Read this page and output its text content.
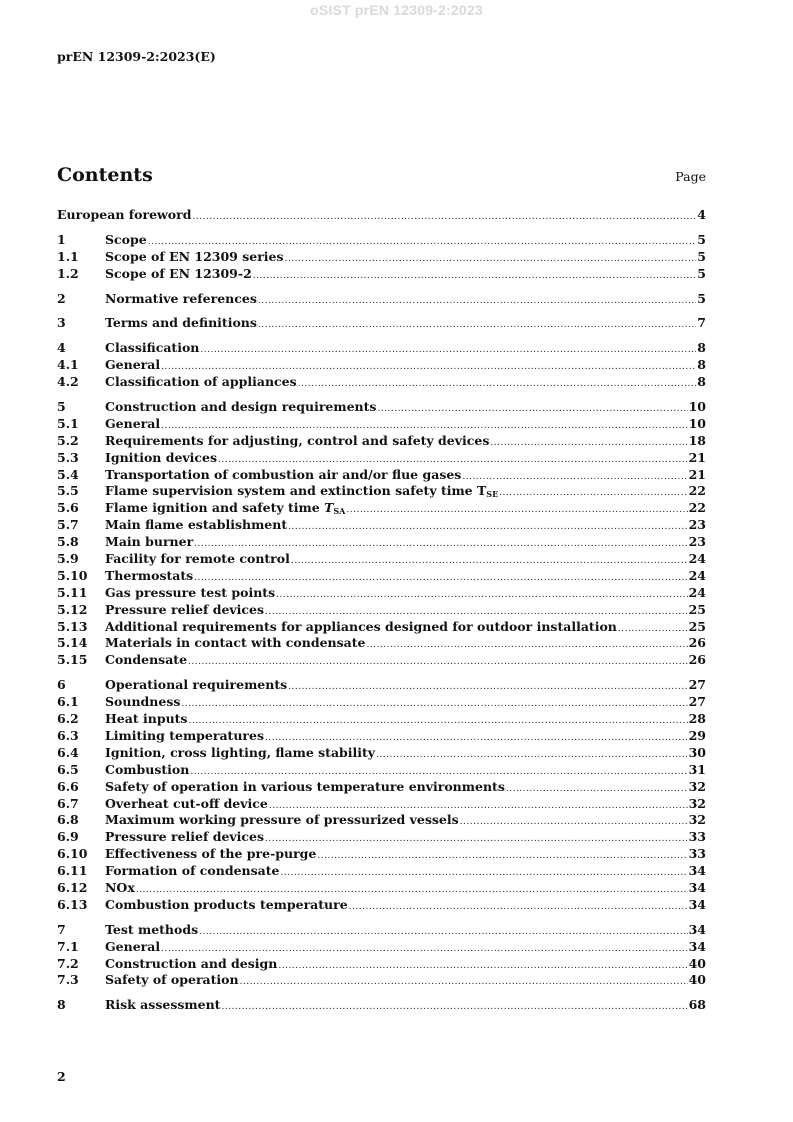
oSIST prEN 12309-2:2023
prEN 12309-2:2023(E)
Contents	Page
European foreword .....	4
1	Scope .....	5
1.1	Scope of EN 12309 series .....	5
1.2	Scope of EN 12309-2 .....	5
2	Normative references .....	5
3	Terms and definitions .....	7
4	Classification .....	8
4.1	General .....	8
4.2	Classification of appliances .....	8
5	Construction and design requirements .....	10
5.1	General .....	10
5.2	Requirements for adjusting, control and safety devices .....	18
5.3	Ignition devices .....	21
5.4	Transportation of combustion air and/or flue gases .....	21
5.5	Flame supervision system and extinction safety time $T_{SE}$ .....	22
5.6	Flame ignition and safety time $T_{SA}$ .....	22
5.7	Main flame establishment .....	23
5.8	Main burner .....	23
5.9	Facility for remote control .....	24
5.10	Thermostats .....	24
5.11	Gas pressure test points .....	24
5.12	Pressure relief devices .....	25
5.13	Additional requirements for appliances designed for outdoor installation .....	25
5.14	Materials in contact with condensate .....	26
5.15	Condensate .....	26
6	Operational requirements .....	27
6.1	Soundness .....	27
6.2	Heat inputs .....	28
6.3	Limiting temperatures .....	29
6.4	Ignition, cross lighting, flame stability .....	30
6.5	Combustion .....	31
6.6	Safety of operation in various temperature environments .....	32
6.7	Overheat cut-off device .....	32
6.8	Maximum working pressure of pressurized vessels .....	32
6.9	Pressure relief devices .....	33
6.10	Effectiveness of the pre-purge .....	33
6.11	Formation of condensate .....	34
6.12	NOx .....	34
6.13	Combustion products temperature .....	34
7	Test methods .....	34
7.1	General .....	34
7.2	Construction and design .....	40
7.3	Safety of operation .....	40
8	Risk assessment .....	68
2
